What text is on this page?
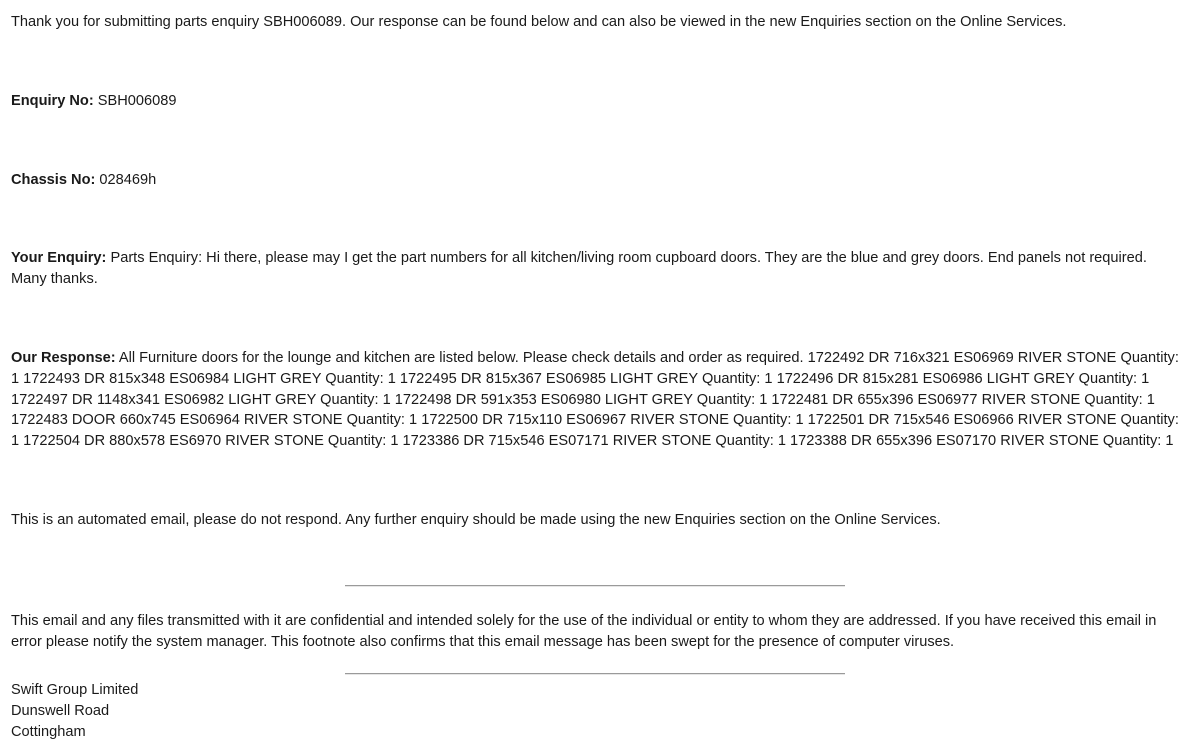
Thank you for submitting parts enquiry SBH006089. Our response can be found below and can also be viewed in the new Enquiries section on the Online Services.

Enquiry No: SBH006089

Chassis No: 028469h

Your Enquiry: Parts Enquiry: Hi there, please may I get the part numbers for all kitchen/living room cupboard doors. They are the blue and grey doors. End panels not required. Many thanks.

Our Response: All Furniture doors for the lounge and kitchen are listed below. Please check details and order as required. 1722492 DR 716x321 ES06969 RIVER STONE Quantity: 1 1722493 DR 815x348 ES06984 LIGHT GREY Quantity: 1 1722495 DR 815x367 ES06985 LIGHT GREY Quantity: 1 1722496 DR 815x281 ES06986 LIGHT GREY Quantity: 1 1722497 DR 1148x341 ES06982 LIGHT GREY Quantity: 1 1722498 DR 591x353 ES06980 LIGHT GREY Quantity: 1 1722481 DR 655x396 ES06977 RIVER STONE Quantity: 1 1722483 DOOR 660x745 ES06964 RIVER STONE Quantity: 1 1722500 DR 715x110 ES06967 RIVER STONE Quantity: 1 1722501 DR 715x546 ES06966 RIVER STONE Quantity: 1 1722504 DR 880x578 ES6970 RIVER STONE Quantity: 1 1723386 DR 715x546 ES07171 RIVER STONE Quantity: 1 1723388 DR 655x396 ES07170 RIVER STONE Quantity: 1

This is an automated email, please do not respond. Any further enquiry should be made using the new Enquiries section on the Online Services.

This email and any files transmitted with it are confidential and intended solely for the use of the individual or entity to whom they are addressed. If you have received this email in error please notify the system manager. This footnote also confirms that this email message has been swept for the presence of computer viruses.

Swift Group Limited
Dunswell Road
Cottingham
